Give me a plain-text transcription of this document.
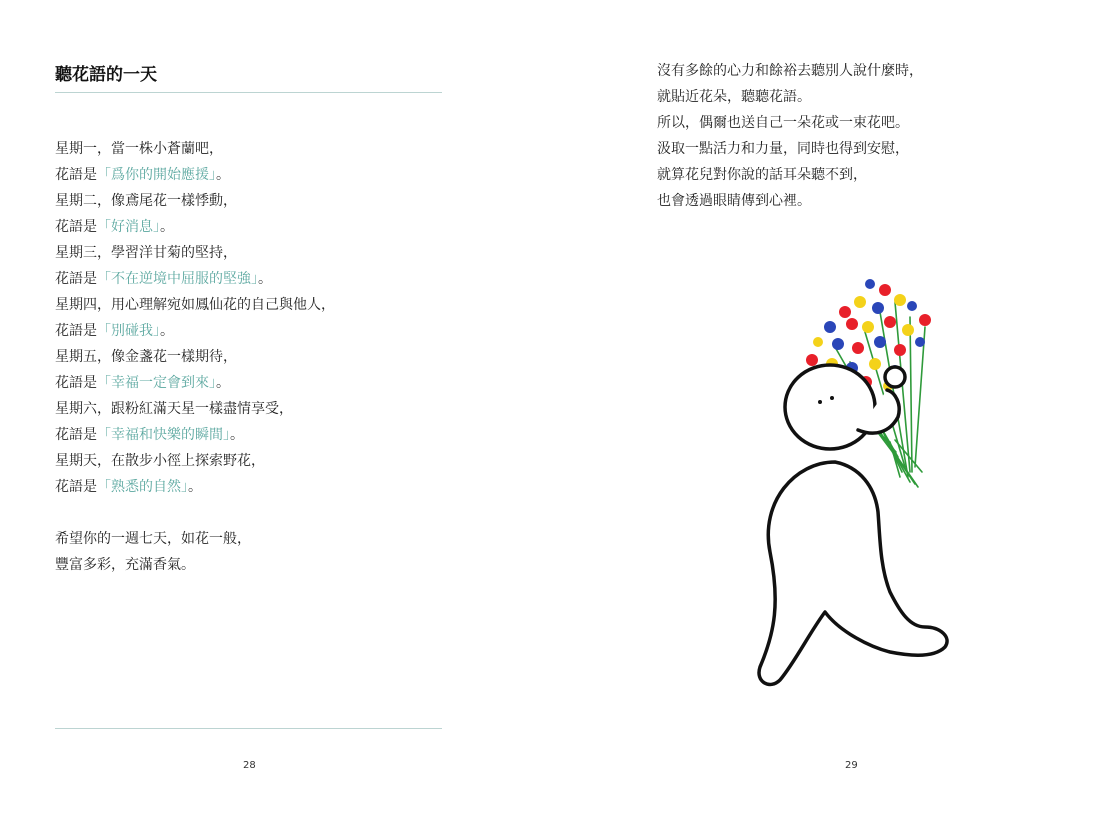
聽花語的一天
星期一，當一株小蒼蘭吧，
花語是「爲你的開始應援」。
星期二，像鳶尾花一樣悸動，
花語是「好消息」。
星期三，學習洋甘菊的堅持，
花語是「不在逆境中屈服的堅強」。
星期四，用心理解宛如鳳仙花的自己與他人，
花語是「別碰我」。
星期五，像金盞花一樣期待，
花語是「幸福一定會到來」。
星期六，跟粉紅滿天星一樣盡情享受，
花語是「幸福和快樂的瞬間」。
星期天，在散步小徑上探索野花，
花語是「熟悉的自然」。
希望你的一週七天，如花一般，
豐富多彩，充滿香氣。
28
沒有多餘的心力和餘裕去聽別人說什麼時，
就貼近花朵，聽聽花語。
所以，偶爾也送自己一朵花或一束花吧。
汲取一點活力和力量，同時也得到安慰，
就算花兒對你說的話耳朵聽不到，
也會透過眼睛傳到心裡。
29
